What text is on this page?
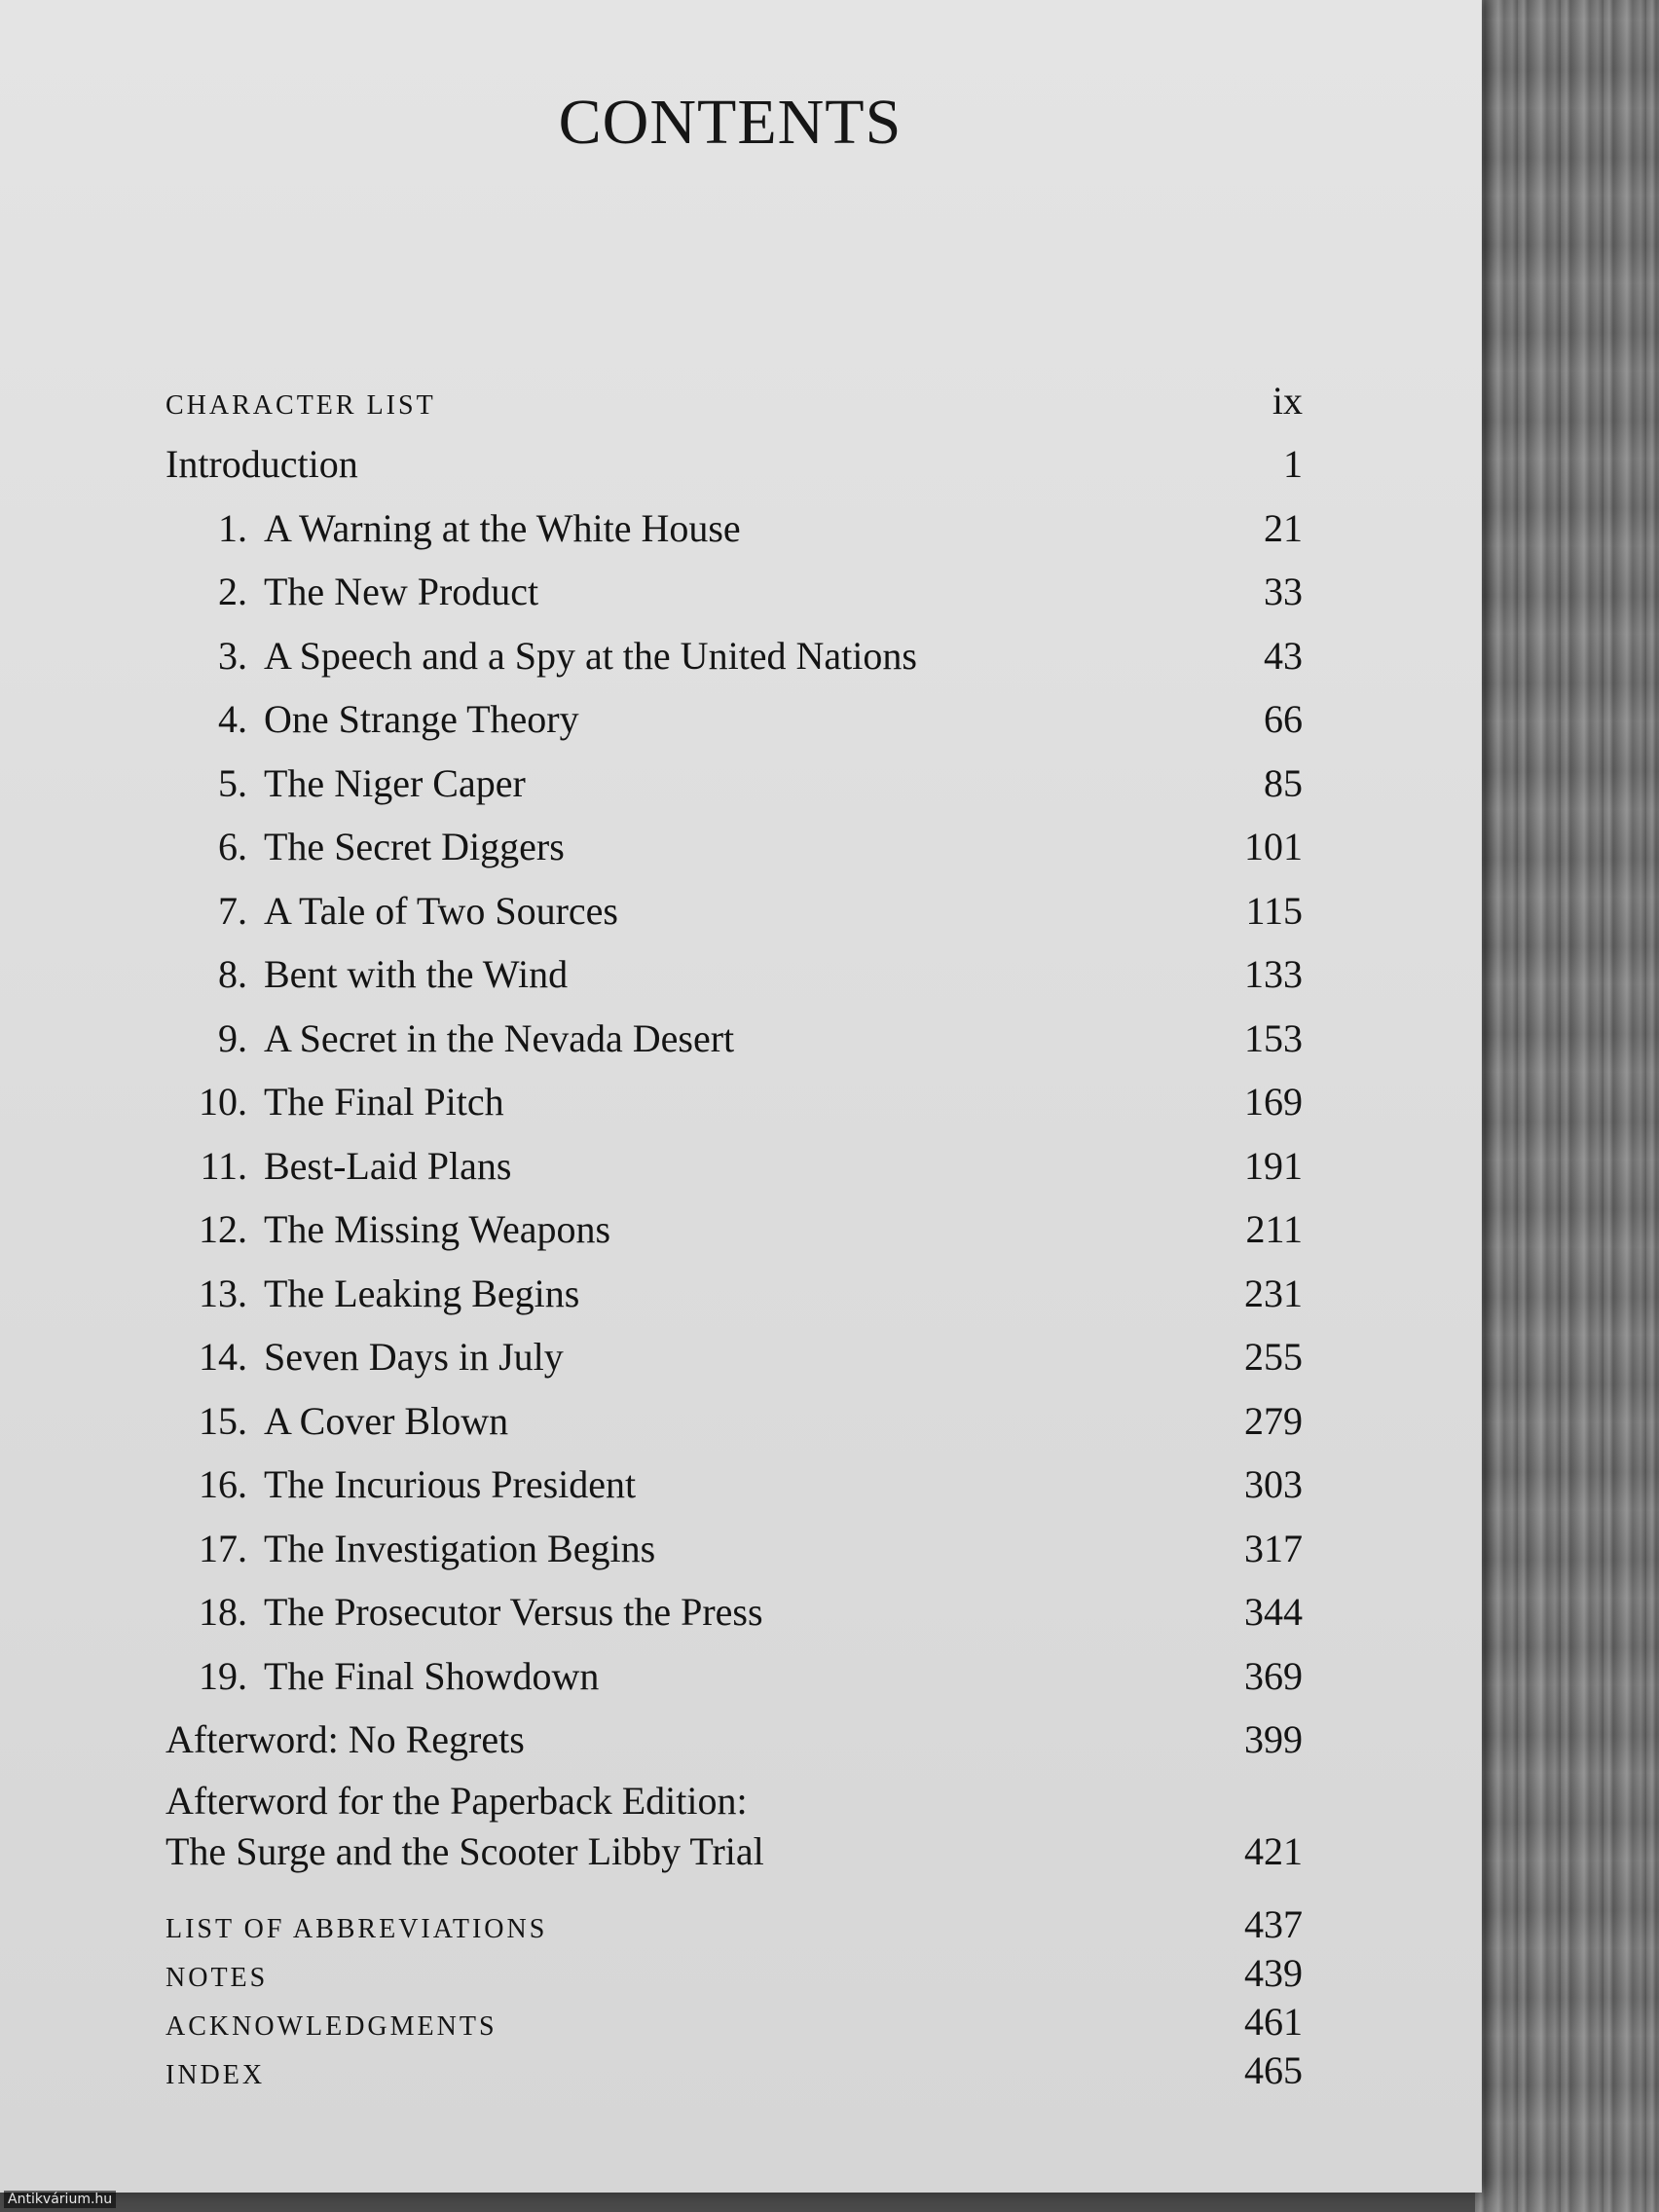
CONTENTS
CHARACTER LIST	ix
Introduction	1
1. A Warning at the White House	21
2. The New Product	33
3. A Speech and a Spy at the United Nations	43
4. One Strange Theory	66
5. The Niger Caper	85
6. The Secret Diggers	101
7. A Tale of Two Sources	115
8. Bent with the Wind	133
9. A Secret in the Nevada Desert	153
10. The Final Pitch	169
11. Best-Laid Plans	191
12. The Missing Weapons	211
13. The Leaking Begins	231
14. Seven Days in July	255
15. A Cover Blown	279
16. The Incurious President	303
17. The Investigation Begins	317
18. The Prosecutor Versus the Press	344
19. The Final Showdown	369
Afterword: No Regrets	399
Afterword for the Paperback Edition:
The Surge and the Scooter Libby Trial	421
LIST OF ABBREVIATIONS	437
NOTES	439
ACKNOWLEDGMENTS	461
INDEX	465
Antikvárium.hu
